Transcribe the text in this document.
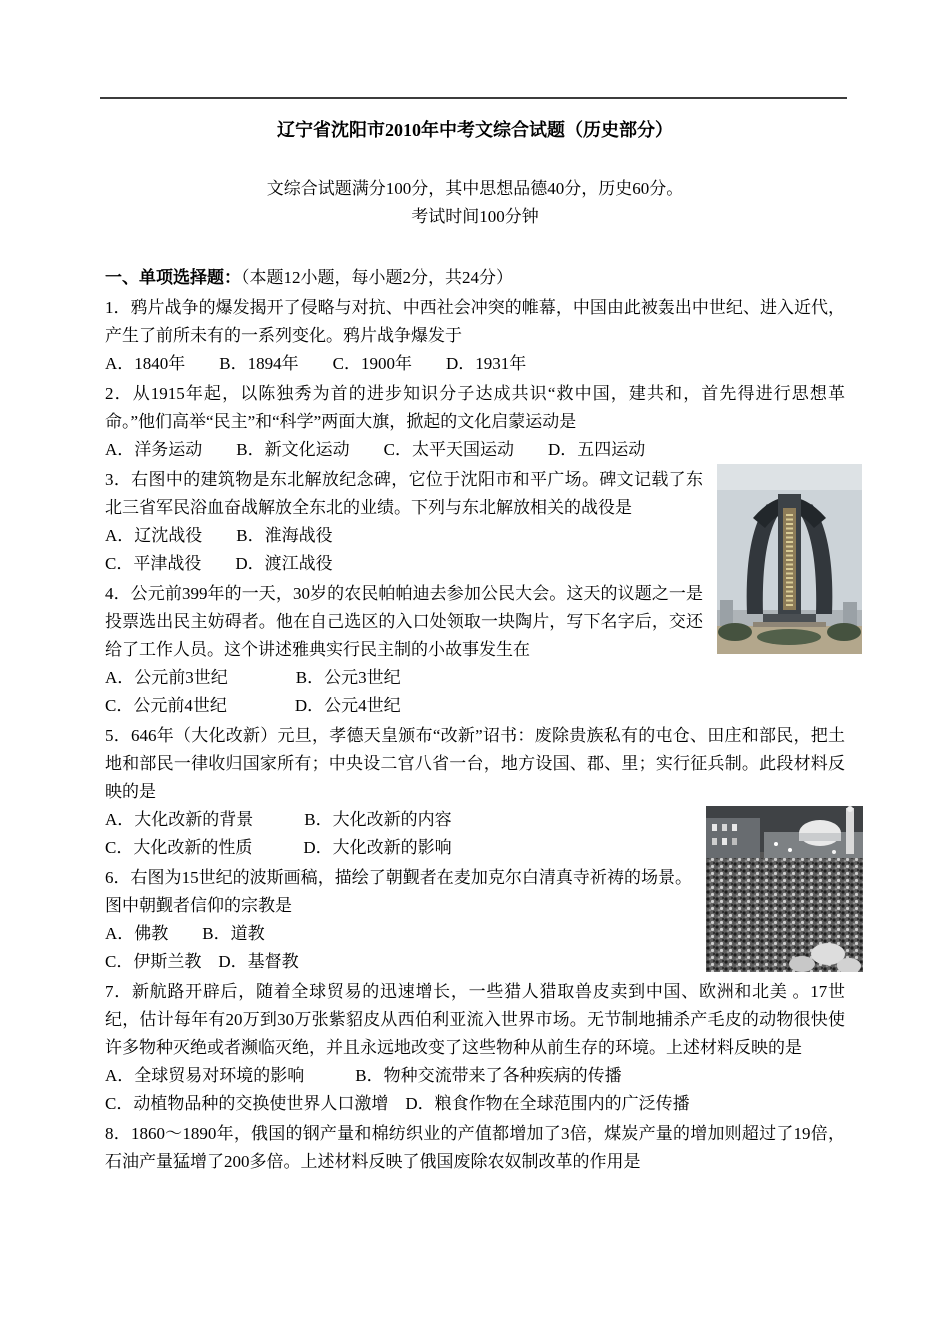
辽宁省沈阳市2010年中考文综合试题（历史部分）

文综合试题满分100分，其中思想品德40分，历史60分。

考试时间100分钟

一、单项选择题：（本题12小题，每小题2分，共24分）

1．鸦片战争的爆发揭开了侵略与对抗、中西社会冲突的帷幕，中国由此被轰出中世纪、进入近代，产生了前所未有的一系列变化。鸦片战争爆发于

A．1840年　　B．1894年　　C．1900年　　D．1931年

2．从1915年起，以陈独秀为首的进步知识分子达成共识“救中国，建共和，首先得进行思想革命。”他们高举“民主”和“科学”两面大旗，掀起的文化启蒙运动是

A．洋务运动　　B．新文化运动　　C．太平天国运动　　D．五四运动

3．右图中的建筑物是东北解放纪念碑，它位于沈阳市和平广场。碑文记载了东北三省军民浴血奋战解放全东北的业绩。下列与东北解放相关的战役是

A．辽沈战役　　B．淮海战役

C．平津战役　　D．渡江战役

4．公元前399年的一天，30岁的农民帕帕迪去参加公民大会。这天的议题之一是投票选出民主妨碍者。他在自己选区的入口处领取一块陶片，写下名字后，交还给了工作人员。这个讲述雅典实行民主制的小故事发生在

A．公元前3世纪　　　　B．公元3世纪

C．公元前4世纪　　　　D．公元4世纪

5．646年（大化改新）元旦，孝德天皇颁布“改新”诏书：废除贵族私有的屯仓、田庄和部民，把土地和部民一律收归国家所有；中央设二官八省一台，地方设国、郡、里；实行征兵制。此段材料反映的是

A．大化改新的背景　　　B．大化改新的内容

C．大化改新的性质　　　D．大化改新的影响

6．右图为15世纪的波斯画稿，描绘了朝觐者在麦加克尔白清真寺祈祷的场景。图中朝觐者信仰的宗教是

A．佛教　　B．道教

C．伊斯兰教　D．基督教

7．新航路开辟后，随着全球贸易的迅速增长，一些猎人猎取兽皮卖到中国、欧洲和北美 。17世纪，估计每年有20万到30万张紫貂皮从西伯利亚流入世界市场。无节制地捕杀产毛皮的动物很快使许多物种灭绝或者濒临灭绝，并且永远地改变了这些物种从前生存的环境。上述材料反映的是

A．全球贸易对环境的影响　　　B．物种交流带来了各种疾病的传播

C．动植物品种的交换使世界人口激增　D．粮食作物在全球范围内的广泛传播

8．1860～1890年，俄国的钢产量和棉纺织业的产值都增加了3倍，煤炭产量的增加则超过了19倍，石油产量猛增了200多倍。上述材料反映了俄国废除农奴制改革的作用是
